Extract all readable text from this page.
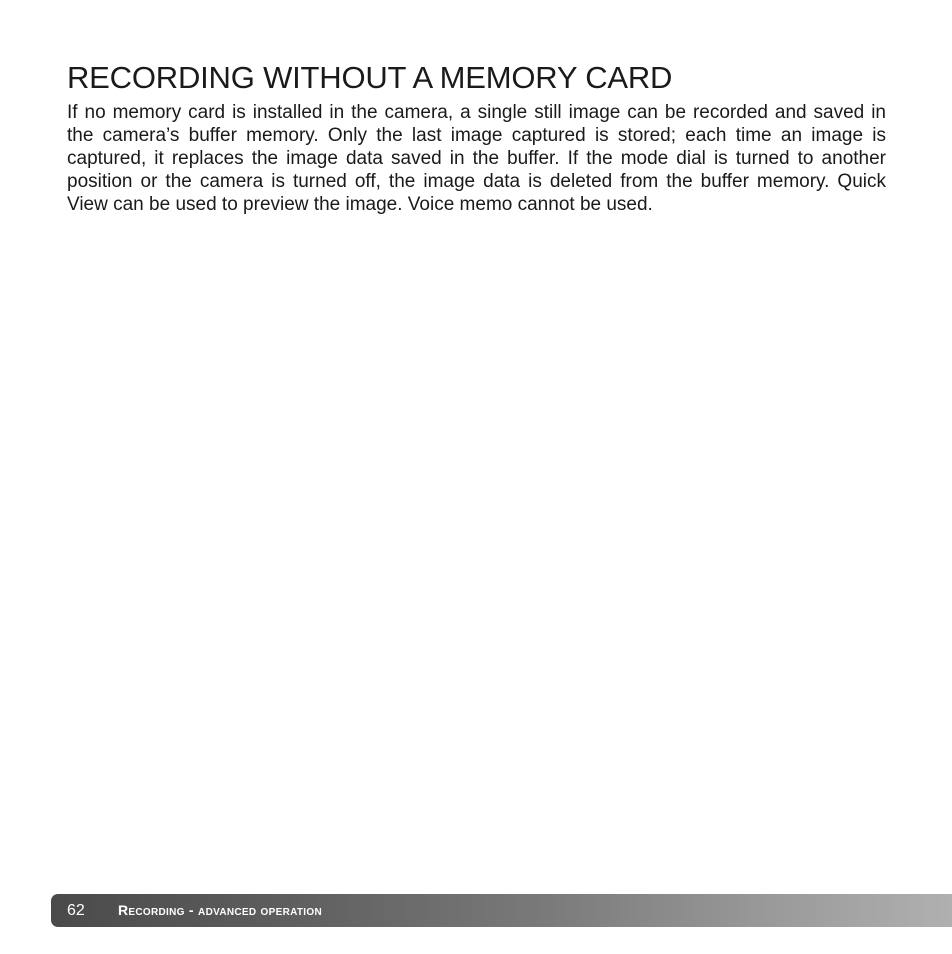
RECORDING WITHOUT A MEMORY CARD

If no memory card is installed in the camera, a single still image can be recorded and saved in the camera’s buffer memory. Only the last image captured is stored; each time an image is captured, it replaces the image data saved in the buffer. If the mode dial is turned to another position or the camera is turned off, the image data is deleted from the buffer memory. Quick View can be used to preview the image. Voice memo cannot be used.

62 Recording - advanced operation
